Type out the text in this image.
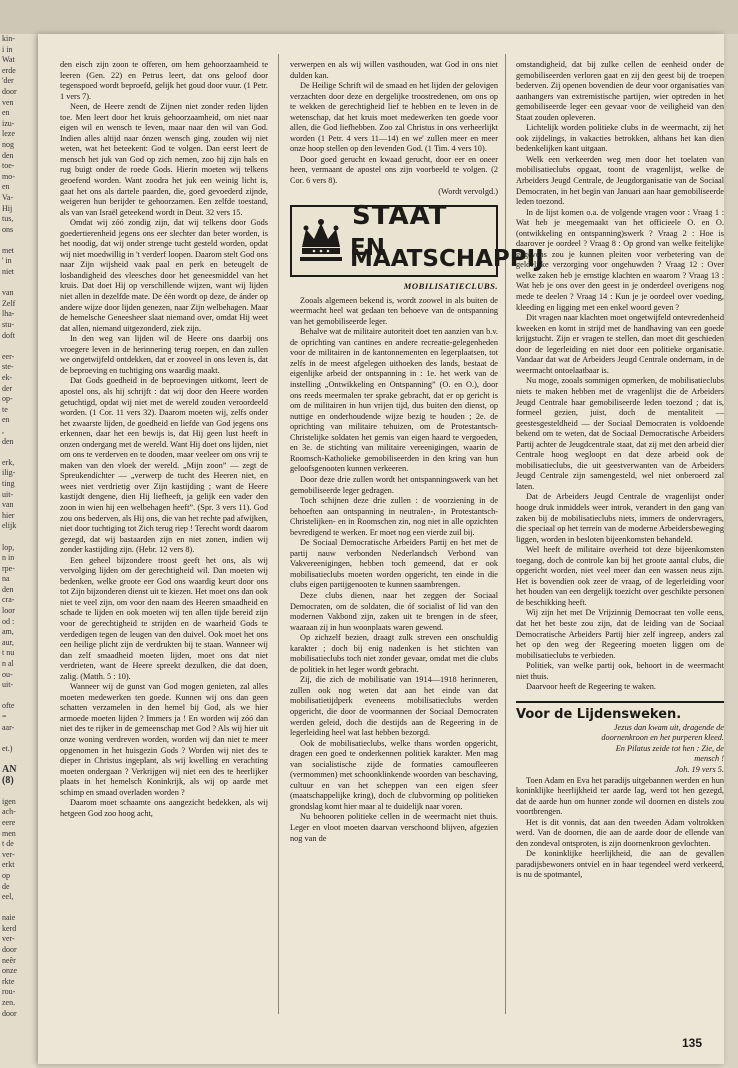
kin-
i in
Wat
erde
'der
door
ven
en
izu-
leze
nog
den
toe-
mo-
en
Va-
Hij
tus,
ons

met
' in
niet

van
Zelf
lha-
stu-
doft

eer-
ste-
ek-
der
op-
te
en
,
den

erk,
ilig-
ting
uit-
van
hier
elijk

lop,
n in
rpe-
na
den
cra-
loor
od :
am,
aur,
t nu
n al
ou-
uit-

ofte
=
aar-

et.)

AN
(8)

igen
ach-
eere
men
t de
ver-
erkt
op
de
eel,

naie
kerd
ver-
door
neêr
onze
rkte
rou-
zen.
door

den eisch zijn zoon te offeren, om hem gehoorzaamheid te leeren (Gen. 22) en Petrus leert, dat ons geloof door tegenspoed wordt beproefd, gelijk het goud door vuur. (1 Petr. 1 vers 7).

Neen, de Heere zendt de Zijnen niet zonder reden lijden toe. Men leert door het kruis gehoorzaamheid, om niet naar eigen wil en wensch te leven, maar naar den wil van God. Indien alles altijd naar ónzen wensch ging, zouden wij niet weten, wat het beteekent: God te volgen. Dan eerst leert de mensch het juk van God op zich nemen, zoo hij zijn hals en rug buigt onder de roede Gods. Hierin moeten wij telkens geoefend worden. Want zoodra het juk een weinig licht is, gaat het ons als dartele paarden, die, goed gevoederd zijnde, weigeren hun berijder te gehoorzamen. Een zelfde toestand, als van van Israël geteekend wordt in Deut. 32 vers 15.

Omdat wij zóó zondig zijn, dat wij telkens door Gods goedertierenheid jegens ons eer slechter dan beter worden, is het noodig, dat wij onder strenge tucht gesteld worden, opdat wij niet moedwillig in 't verderf loopen. Daarom stelt God ons naar Zijn wijsheid vaak paal en perk en beteugelt de losbandigheid des vleesches door het geneesmiddel van het kruis. Dat doet Hij op verschillende wijzen, want wij lijden niet allen in dezelfde mate. De één wordt op deze, de ánder op andere wijze door lijden genezen, naar Zijn welbehagen. Maar de hemelsche Geneesheer slaat niemand over, omdat Hij weet dat allen, niemand uitgezonderd, ziek zijn.

In den weg van lijden wil de Heere ons daarbij ons vroegere leven in de herinnering terug roepen, en dan zullen we ongetwijfeld ontdekken, dat er zooveel in ons leven is, dat de beproeving en tuchtiging ons waardig maakt.

Dat Gods goedheid in de beproevingen uitkomt, leert de apostel ons, als hij schrijft : dat wij door den Heere worden getuchtigd, opdat wij niet met de wereld zouden veroordeeld worden. (1 Cor. 11 vers 32). Daarom moeten wij, zelfs onder het zwaarste lijden, de goedheid en liefde van God jegens ons erkennen, daar het een bewijs is, dat Hij geen lust heeft in onzen ondergang met de wereld. Want Hij doet ons lijden, niet om ons te verderven en te dooden, maar veeleer om ons vrij te maken van den vloek der wereld. „Mijn zoon” — zegt de Spreukendichter — „verwerp de tucht des Heeren niet, en wees niet verdrietig over Zijn kastijding ; want de Heere kastijdt dengene, dien Hij liefheeft, ja gelijk een vader den zoon in wien hij een welbehagen heeft”. (Spr. 3 vers 11). God zou ons bederven, als Hij ons, die van het rechte pad afwijken, niet door tuchtiging tot Zich terug riep ! Terecht wordt daarom gezegd, dat wij bastaarden zijn en niet zonen, indien wij zonder kastijding zijn. (Hebr. 12 vers 8).

Een geheel bijzondere troost geeft het ons, als wij vervolging lijden om der gerechtigheid wil. Dan moeten wij bedenken, welke groote eer God ons waardig keurt door ons tot Zijn bijzonderen dienst uit te kiezen. Het moet ons dan ook niet te veel zijn, om voor den naam des Heeren smaadheid en schade te lijden en ook moeten wij ten allen tijde bereid zijn voor de gerechtigheid te strijden en de waarheid Gods te verdedigen tegen de leugen van den duivel. Ook moet het ons een heilige plicht zijn de verdrukten bij te staan. Wanneer wij dan zelf smaadheid moeten lijden, moet ons dat niet verdrieten, want de Heere spreekt dezulken, die dat doen, zalig. (Matth. 5 : 10).

Wanneer wij de gunst van God mogen genieten, zal alles moeten medewerken ten goede. Kunnen wij ons dan geen schatten verzamelen in den hemel bij God, als we hier armoede moeten lijden ? Immers ja ! En worden wij zóó dan niet des te rijker in de gemeenschap met God ? Als wij hier uit onze woning verdreven worden, worden wij dan niet te meer opgenomen in het huisgezin Gods ? Worden wij niet des te dieper in Christus ingeplant, als wij kwelling en verachting moeten ondergaan ? Verkrijgen wij niet een des te heerlijker plaats in het hemelsch Koninkrijk, als wij op aarde met schimp en smaad overladen worden ?

Daarom moet schaamte ons aangezicht bedekken, als wij hetgeen God zoo hoog acht,

verwerpen en als wij willen vasthouden, wat God in ons niet dulden kan.

De Heilige Schrift wil de smaad en het lijden der gelovigen verzachten door deze en dergelijke troostredenen, om ons op te wekken de gerechtigheid lief te hebben en te leven in de wetenschap, dat het kruis moet medewerken ten goede voor allen, die God liefhebben. Zoo zal Christus in ons verheerlijkt worden (1 Petr. 4 vers 11—14) en we' zullen meer en meer onze hoop stellen op den levenden God. (1 Tim. 4 vers 10).

Door goed gerucht en kwaad gerucht, door eer en oneer heen, vermaant de apostel ons zijn voorbeeld te volgen. (2 Cor. 6 vers 8).

(Wordt vervolgd.)

STAAT
EN MAATSCHAPPIJ
MOBILISATIECLUBS.

Zooals algemeen bekend is, wordt zoowel in als buiten de weermacht heel wat gedaan ten behoeve van de ontspanning van het gemobiliseerde leger.

Behalve wat de militaire autoriteit doet ten aanzien van b.v. de oprichting van cantines en andere recreatie-gelegenheden voor de militairen in de kantonnementen en legerplaatsen, tot zelfs in de meest afgelegen uithoeken des lands, bestaat de eigenlijke arbeid der ontspanning in : 1e. het werk van de instelling „Ontwikkeling en Ontspanning” (O. en O.), door ons reeds meermalen ter sprake gebracht, dat er op gericht is om de militairen in hun vrijen tijd, dus buiten den dienst, op nuttige en onderhoudende wijze bezig te houden ; 2e. de oprichting van militaire tehuizen, om de Protestantsch-Christelijke soldaten het gemis van eigen haard te vergoeden, en 3e. de stichting van militaire vereenigingen, waarin de Roomsch-Katholieke gemobiliseerden in den kring van hun geloofsgenooten kunnen verkeeren.

Door deze drie zullen wordt het ontspanningswerk van het gemobiliseerde leger gedragen.

Toch schijnen deze drie zullen : de voorziening in de behoeften aan ontspanning in neutralen-, in Protestantsch-Christelijken- en in Roomschen zin, nog niet in alle opzichten bevredigend te werken. Er moet nog een vierde zuil bij.

De Sociaal Democratische Arbeiders Partij en het met de partij nauw verbonden Nederlandsch Verbond van Vakvereenigingen, hebben toch gemeend, dat er ook mobilisatieclubs moeten worden opgericht, ten einde in die clubs eigen partijgenooten te kunnen saambrengen.

Deze clubs dienen, naar het zeggen der Sociaal Democraten, om de soldaten, die óf socialist of lid van den modernen Vakbond zijn, zaken uit te brengen in de sfeer, waaraan zij in hun woonplaats waren gewend.

Op zichzelf bezien, draagt zulk streven een onschuldig karakter ; doch bij enig nadenken is het stichten van mobilisatieclubs toch niet zonder gevaar, omdat met die clubs de politiek in het leger wordt gebracht.

Zij, die zich de mobilisatie van 1914—1918 herinneren, zullen ook nog weten dat aan het einde van dat mobilisatietijdperk eveneens mobilisatieclubs werden opgericht, die door de voormannen der Sociaal Democraten werden geleid, doch die destijds aan de Regeering in de legerleiding heel wat last hebben bezorgd.

Ook de mobilisatieclubs, welke thans worden opgericht, dragen een goed te onderkennen politiek karakter. Men mag van socialistische zijde de formaties camoufleeren (vermommen) met schoonklinkende woorden van beschaving, cultuur en van het scheppen van een eigen sfeer (maatschappelijke kring), doch de clubvorming op politieken grondslag komt hier maar al te duidelijk naar voren.

Nu behooren politieke cellen in de weermacht niet thuis. Leger en vloot moeten daarvan verschoond blijven, afgezien nog van de

omstandigheid, dat bij zulke cellen de eenheid onder de gemobiliseerden verloren gaat en zij den geest bij de troepen bederven. Zij openen bovendien de deur voor organisaties van aanhangers van extremistische partijen, wier optreden in het gemobiliseerde leger een gevaar voor de veiligheid van den Staat zouden opleveren.

Lichtelijk worden politieke clubs in de weermacht, zij het ook zijdelings, in vakacties betrokken, althans het kan dien bedenkelijken kant uitgaan.

Welk een verkeerden weg men door het toelaten van mobilisatieclubs opgaat, toont de vragenlijst, welke de Arbeiders Jeugd Centrale, de Jeugdorganisatie van de Sociaal Democraten, in het begin van Januari aan haar gemobiliseerde leden toezond.

In de lijst komen o.a. de volgende vragen voor : Vraag 1 : Wat heb je meegemaakt van het officieele O. en O. (ontwikkeling en ontspanning)swerk ? Vraag 2 : Hoe is daarover je oordeel ? Vraag 8 : Op grond van welke feitelijke gegevens zou je kunnen pleiten voor verbetering van de geldelijke verzorging voor ongehuwden ? Vraag 12 : Over welke zaken heb je ernstige klachten en waarom ? Vraag 13 : Wat heb je ons over den geest in je onderdeel overigens nog mede te deelen ? Vraag 14 : Kun je je oordeel over voeding, kleeding en ligging met een enkel woord geven ?

Dit vragen naar klachten moet ongetwijfeld ontevredenheid kweeken en komt in strijd met de handhaving van een goede krijgstucht. Zijn er vragen te stellen, dan moet dit geschieden door de legerleiding en niet door een politieke organisatie. Vandaar dat wat de Arbeiders Jeugd Centrale ondernam, in de weermacht ontoelaatbaar is.

Nu moge, zooals sommigen opmerken, de mobilisatieclubs niets te maken hebben met de vragenlijst die de Arbeiders Jeugd Centrale haar gemobiliseerde leden toezond ; dat is, formeel gezien, juist, doch de mentaliteit — geestesgesteldheid — der Sociaal Democraten is voldoende bekend om te weten, dat de Sociaal Democratische Arbeiders Partij achter de Jeugdcentrale staat, dat zij met den arbeid dier Centrale hoog wegloopt en dat deze arbeid ook de mobilisatieclubs, die uit geestverwanten van de Arbeiders Jeugd Centrale zijn samengesteld, wel niet onberoerd zal laten.

Dat de Arbeiders Jeugd Centrale de vragenlijst onder hooge druk inmiddels weer introk, verandert in den gang van zaken bij de mobilisatieclubs niets, immers de ondervragers, die speciaal op het terrein van de moderne Arbeidersbeweging liggen, worden in besloten bijeenkomsten behandeld.

Wel heeft de militaire overheid tot deze bijeenkomsten toegang, doch de controle kan bij het groote aantal clubs, die opgericht worden, niet veel meer dan een wassen neus zijn. Het is bovendien ook zeer de vraag, of de legerleiding voor het houden van een dergelijk toezicht over geschikte personen de beschikking heeft.

Wij zijn het met De Vrijzinnig Democraat ten volle eens, dat het het beste zou zijn, dat de leiding van de Sociaal Democratische Arbeiders Partij hier zelf ingreep, anders zal het op den weg der Regeering moeten liggen om de mobilisatieclubs te verbieden.

Politiek, van welke partij ook, behoort in de weermacht niet thuis.

Daarvoor heeft de Regeering te waken.

Voor de Lijdensweken.

Jezus dan kwam uit, dragende de

doornenkroon en het purperen kleed.

En Pilatus zeide tot hen : Zie, de

mensch !

Joh. 19 vers 5.

Toen Adam en Eva het paradijs uitgebannen werden en hun koninklijke heerlijkheid ter aarde lag, werd tot hen gezegd, dat de aarde hun om hunner zonde wil doornen en distels zou voortbrengen.

Het is dit vonnis, dat aan den tweeden Adam voltrokken werd. Van de doornen, die aan de aarde door de ellende van den zondeval ontsproten, is zijn doornenkroon gevlochten.

De koninklijke heerlijkheid, die aan de gevallen paradijsbewoners ontviel en in haar tegendeel werd verkeerd, is nu de spotmantel,

135
